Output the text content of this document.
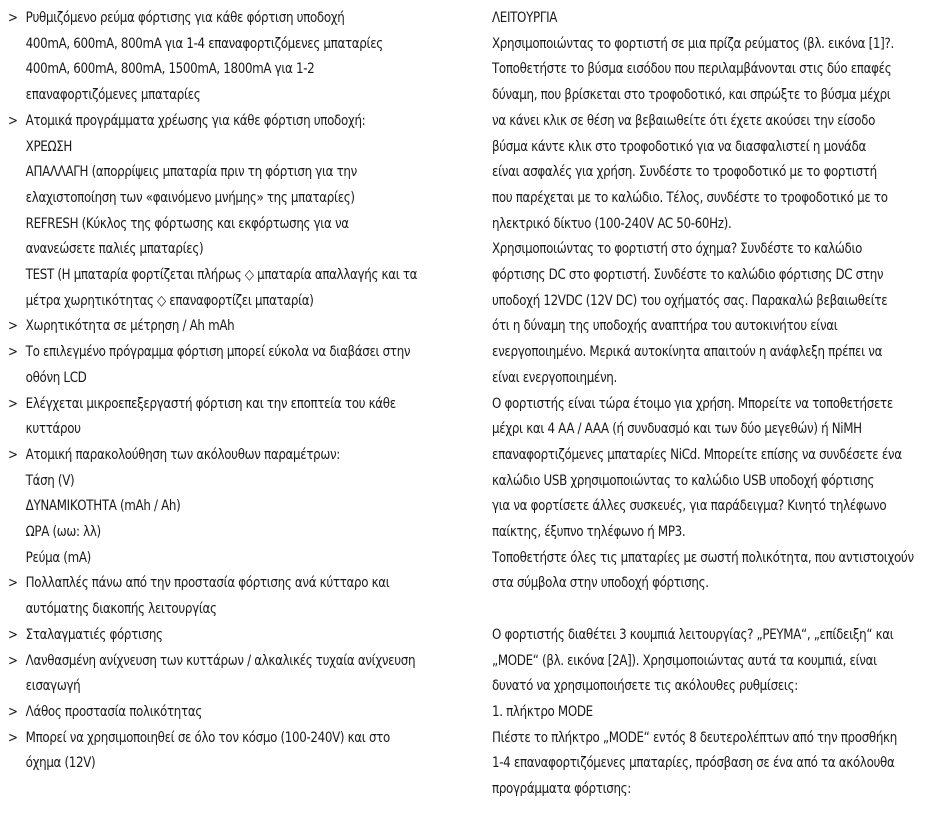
> Ρυθμιζόμενο ρεύμα φόρτισης για κάθε φόρτιση υποδοχή
400mA, 600mA, 800mA για 1-4 επαναφορτιζόμενες μπαταρίες
400mA, 600mA, 800mA, 1500mA, 1800mA για 1-2
επαναφορτιζόμενες μπαταρίες
> Ατομικά προγράμματα χρέωσης για κάθε φόρτιση υποδοχή:
ΧΡΕΩΣΗ
ΑΠΑΛΛΑΓΗ (απορρίψεις μπαταρία πριν τη φόρτιση για την
ελαχιστοποίηση των «φαινόμενο μνήμης» της μπαταρίες)
REFRESH (Κύκλος της φόρτωσης και εκφόρτωσης για να
ανανεώσετε παλιές μπαταρίες)
TEST (Η μπαταρία φορτίζεται πλήρως ◇ μπαταρία απαλλαγής και τα
μέτρα χωρητικότητας ◇ επαναφορτίζει μπαταρία)
> Χωρητικότητα σε μέτρηση / Ah mAh
> Το επιλεγμένο πρόγραμμα φόρτιση μπορεί εύκολα να διαβάσει στην
οθόνη LCD
> Ελέγχεται μικροεπεξεργαστή φόρτιση και την εποπτεία του κάθε
κυττάρου
> Ατομική παρακολούθηση των ακόλουθων παραμέτρων:
Τάση (V)
ΔΥΝΑΜΙΚΟΤΗΤΑ (mAh / Ah)
ΩΡΑ (ωω: λλ)
Ρεύμα (mA)
> Πολλαπλές πάνω από την προστασία φόρτισης ανά κύτταρο και
αυτόματης διακοπής λειτουργίας
> Σταλαγματιές φόρτισης
> Λανθασμένη ανίχνευση των κυττάρων / αλκαλικές τυχαία ανίχνευση
εισαγωγή
> Λάθος προστασία πολικότητας
> Μπορεί να χρησιμοποιηθεί σε όλο τον κόσμο (100-240V) και στο
όχημα (12V)
ΛΕΙΤΟΥΡΓΙΑ
Χρησιμοποιώντας το φορτιστή σε μια πρίζα ρεύματος (βλ. εικόνα [1]?.
Τοποθετήστε το βύσμα εισόδου που περιλαμβάνονται στις δύο επαφές
δύναμη, που βρίσκεται στο τροφοδοτικό, και σπρώξτε το βύσμα μέχρι
να κάνει κλικ σε θέση να βεβαιωθείτε ότι έχετε ακούσει την είσοδο
βύσμα κάντε κλικ στο τροφοδοτικό για να διασφαλιστεί η μονάδα
είναι ασφαλές για χρήση. Συνδέστε το τροφοδοτικό με το φορτιστή
που παρέχεται με το καλώδιο. Τέλος, συνδέστε το τροφοδοτικό με το
ηλεκτρικό δίκτυο (100-240V AC 50-60Hz).
Χρησιμοποιώντας το φορτιστή στο όχημα? Συνδέστε το καλώδιο
φόρτισης DC στο φορτιστή. Συνδέστε το καλώδιο φόρτισης DC στην
υποδοχή 12VDC (12V DC) του οχήματός σας. Παρακαλώ βεβαιωθείτε
ότι η δύναμη της υποδοχής αναπτήρα του αυτοκινήτου είναι
ενεργοποιημένο. Μερικά αυτοκίνητα απαιτούν η ανάφλεξη πρέπει να
είναι ενεργοποιημένη.
Ο φορτιστής είναι τώρα έτοιμο για χρήση. Μπορείτε να τοποθετήσετε
μέχρι και 4 AA / AAA (ή συνδυασμό και των δύο μεγεθών) ή NiMH
επαναφορτιζόμενες μπαταρίες NiCd. Μπορείτε επίσης να συνδέσετε ένα
καλώδιο USB χρησιμοποιώντας το καλώδιο USB υποδοχή φόρτισης
για να φορτίσετε άλλες συσκευές, για παράδειγμα? Κινητό τηλέφωνο
παίκτης, έξυπνο τηλέφωνο ή MP3.
Τοποθετήστε όλες τις μπαταρίες με σωστή πολικότητα, που αντιστοιχούν
στα σύμβολα στην υποδοχή φόρτισης.
Ο φορτιστής διαθέτει 3 κουμπιά λειτουργίας? „ΡΕΥΜΑ“, „επίδειξη“ και
„MODE“ (βλ. εικόνα [2A]). Χρησιμοποιώντας αυτά τα κουμπιά, είναι
δυνατό να χρησιμοποιήσετε τις ακόλουθες ρυθμίσεις:
1. πλήκτρο MODE
Πιέστε το πλήκτρο „MODE“ εντός 8 δευτερολέπτων από την προσθήκη
1-4 επαναφορτιζόμενες μπαταρίες, πρόσβαση σε ένα από τα ακόλουθα
προγράμματα φόρτισης:
